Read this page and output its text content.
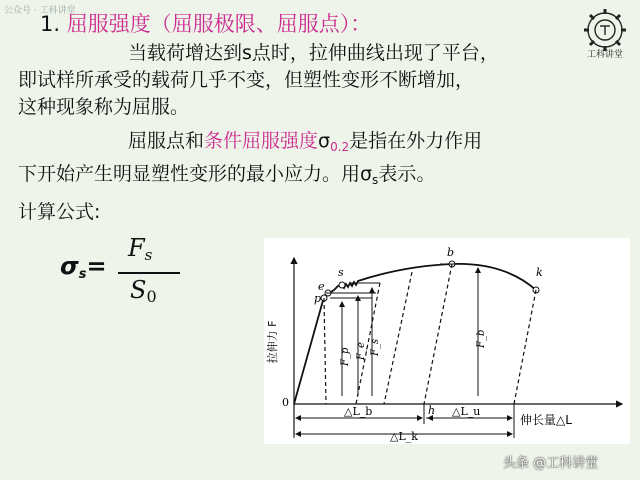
公众号 · 工科讲堂
1. 屈服强度（屈服极限、屈服点）：
工科讲堂
当载荷增达到s点时，拉伸曲线出现了平台，
即试样所承受的载荷几乎不变，但塑性变形不断增加，
这种现象称为屈服。
屈服点和条件屈服强度$\sigma_{0.2}$是指在外力作用
下开始产生明显塑性变形的最小应力。用$\sigma_s$表示。
计算公式:
σs=
Fs
S0
拉伸力 F
0
p
e
s
b
k
h
F_p F_e F_s	F_b
△L_b	△L_u
△L_k
伸长量△L
头条 @工科讲堂
